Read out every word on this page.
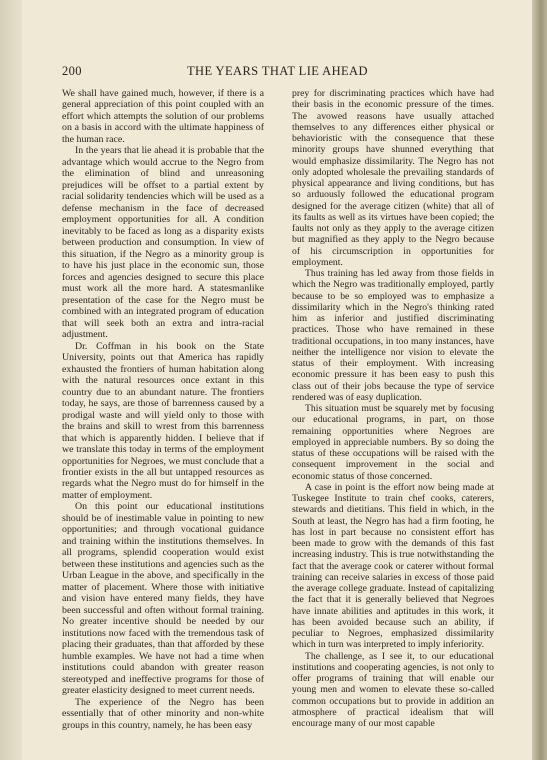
200	THE YEARS THAT LIE AHEAD

We shall have gained much, however, if there is a general appreciation of this point coupled with an effort which attempts the solution of our problems on a basis in accord with the ultimate happiness of the human race.

In the years that lie ahead it is probable that the advantage which would accrue to the Negro from the elimination of blind and unreasoning prejudices will be offset to a partial extent by racial solidarity tendencies which will be used as a defense mechanism in the face of decreased employment opportunities for all. A condition inevitably to be faced as long as a disparity exists between production and consumption. In view of this situation, if the Negro as a minority group is to have his just place in the economic sun, those forces and agencies designed to secure this place must work all the more hard. A statesmanlike presentation of the case for the Negro must be combined with an integrated program of education that will seek both an extra and intra-racial adjustment.

Dr. Coffman in his book on the State University, points out that America has rapidly exhausted the frontiers of human habitation along with the natural resources once extant in this country due to an abundant nature. The frontiers today, he says, are those of barrenness caused by a prodigal waste and will yield only to those with the brains and skill to wrest from this barrenness that which is apparently hidden. I believe that if we translate this today in terms of the employment opportunities for Negroes, we must conclude that a frontier exists in the all but untapped resources as regards what the Negro must do for himself in the matter of employment.

On this point our educational institutions should be of inestimable value in pointing to new opportunities; and through vocational guidance and training within the institutions themselves. In all programs, splendid cooperation would exist between these institutions and agencies such as the Urban League in the above, and specifically in the matter of placement. Where those with initiative and vision have entered many fields, they have been successful and often without formal training. No greater incentive should be needed by our institutions now faced with the tremendous task of placing their graduates, than that afforded by these humble examples. We have not had a time when institutions could abandon with greater reason stereotyped and ineffective programs for those of greater elasticity designed to meet current needs.

The experience of the Negro has been essentially that of other minority and non-white groups in this country, namely, he has been easy

prey for discriminating practices which have had their basis in the economic pressure of the times. The avowed reasons have usually attached themselves to any differences either physical or behavioristic with the consequence that these minority groups have shunned everything that would emphasize dissimilarity. The Negro has not only adopted wholesale the prevailing standards of physical appearance and living conditions, but has so arduously followed the educational program designed for the average citizen (white) that all of its faults as well as its virtues have been copied; the faults not only as they apply to the average citizen but magnified as they apply to the Negro because of his circumscription in opportunities for employment.

Thus training has led away from those fields in which the Negro was traditionally employed, partly because to be so employed was to emphasize a dissimilarity which in the Negro's thinking rated him as inferior and justified discriminating practices. Those who have remained in these traditional occupations, in too many instances, have neither the intelligence nor vision to elevate the status of their employment. With increasing economic pressure it has been easy to push this class out of their jobs because the type of service rendered was of easy duplication.

This situation must be squarely met by focusing our educational programs, in part, on those remaining opportunities where Negroes are employed in appreciable numbers. By so doing the status of these occupations will be raised with the consequent improvement in the social and economic status of those concerned.

A case in point is the effort now being made at Tuskegee Institute to train chef cooks, caterers, stewards and dietitians. This field in which, in the South at least, the Negro has had a firm footing, he has lost in part because no consistent effort has been made to grow with the demands of this fast increasing industry. This is true notwithstanding the fact that the average cook or caterer without formal training can receive salaries in excess of those paid the average college graduate. Instead of capitalizing the fact that it is generally believed that Negroes have innate abilities and aptitudes in this work, it has been avoided because such an ability, if peculiar to Negroes, emphasized dissimilarity which in turn was interpreted to imply inferiority.

The challenge, as I see it, to our educational institutions and cooperating agencies, is not only to offer programs of training that will enable our young men and women to elevate these so-called common occupations but to provide in addition an atmosphere of practical idealism that will encourage many of our most capable
